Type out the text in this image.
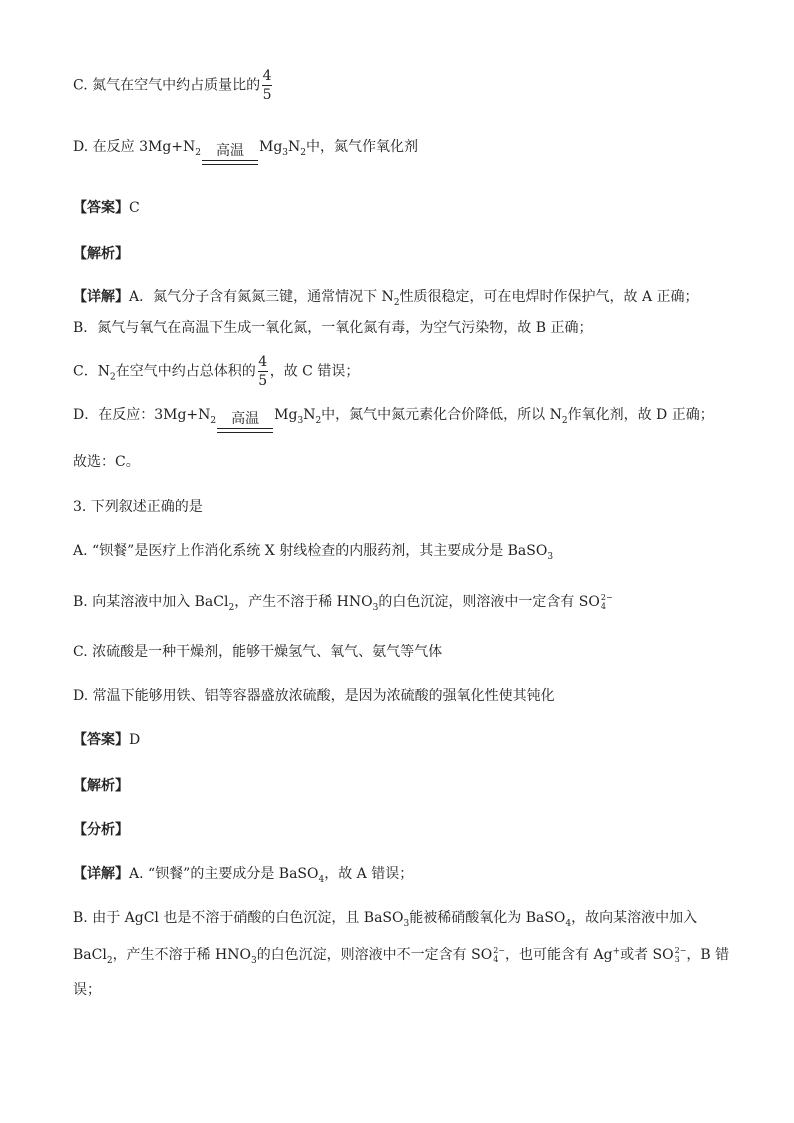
C. 氮气在空气中约占质量比的 $\frac{4}{5}$
D. 在反应 $3Mg+N_2$ 高温 $Mg_3N_2$中，氮气作氧化剂
【答案】C
【解析】
【详解】A．氮气分子含有氮氮三键，通常情况下 $N_2$性质很稳定，可在电焊时作保护气，故 A 正确；
B．氮气与氧气在高温下生成一氧化氮，一氧化氮有毒，为空气污染物，故 B 正确；
C．$N_2$在空气中约占总体积的 $\frac{4}{5}$ ，故 C 错误；
D．在反应：$3Mg+N_2$ 高温 $Mg_3N_2$中，氮气中氮元素化合价降低，所以 $N_2$作氧化剂，故 D 正确；
故选：C。
3. 下列叙述正确的是
A. “钡餐”是医疗上作消化系统 X 射线检查的内服药剂，其主要成分是 BaSO$_3$
B. 向某溶液中加入 BaCl$_2$，产生不溶于稀 $HNO_3$的白色沉淀，则溶液中一定含有 SO 2−
4
C. 浓硫酸是一种干燥剂，能够干燥氢气、氧气、氨气等气体
D. 常温下能够用铁、铝等容器盛放浓硫酸，是因为浓硫酸的强氧化性使其钝化
【答案】D
【解析】
【分析】
【详解】A. “钡餐”的主要成分是 BaSO$_4$，故 A 错误；
B. 由于 AgCl 也是不溶于硝酸的白色沉淀，且 BaSO$_3$能被稀硝酸氧化为 BaSO$_4$，故向某溶液中加入
BaCl$_2$，产生不溶于稀 $HNO_3$的白色沉淀，则溶液中不一定含有 SO 2−
4 ，也可能含有 Ag+或者 SO 2−
3 ，B 错
误；
